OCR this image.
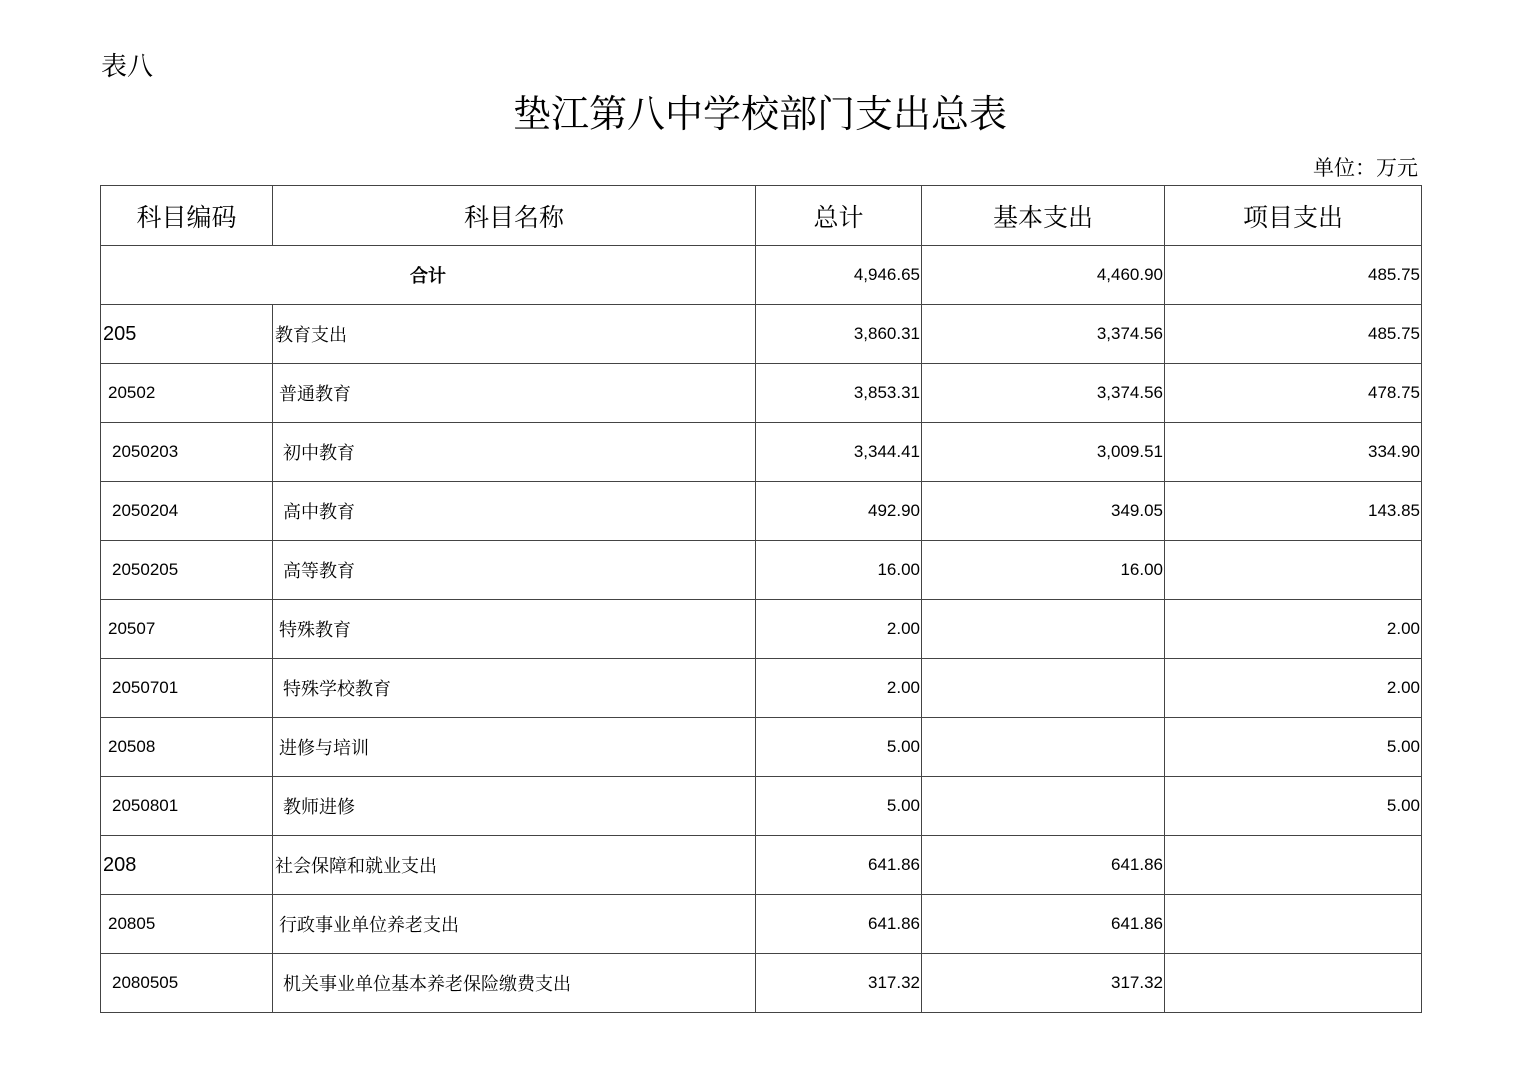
表八
垫江第八中学校部门支出总表
单位：万元
科目编码	科目名称	总计	基本支出	项目支出
合计		4,946.65	4,460.90	485.75
205	教育支出	3,860.31	3,374.56	485.75
20502	普通教育	3,853.31	3,374.56	478.75
2050203	初中教育	3,344.41	3,009.51	334.90
2050204	高中教育	492.90	349.05	143.85
2050205	高等教育	16.00	16.00	
20507	特殊教育	2.00		2.00
2050701	特殊学校教育	2.00		2.00
20508	进修与培训	5.00		5.00
2050801	教师进修	5.00		5.00
208	社会保障和就业支出	641.86	641.86	
20805	行政事业单位养老支出	641.86	641.86	
2080505	机关事业单位基本养老保险缴费支出	317.32	317.32	
